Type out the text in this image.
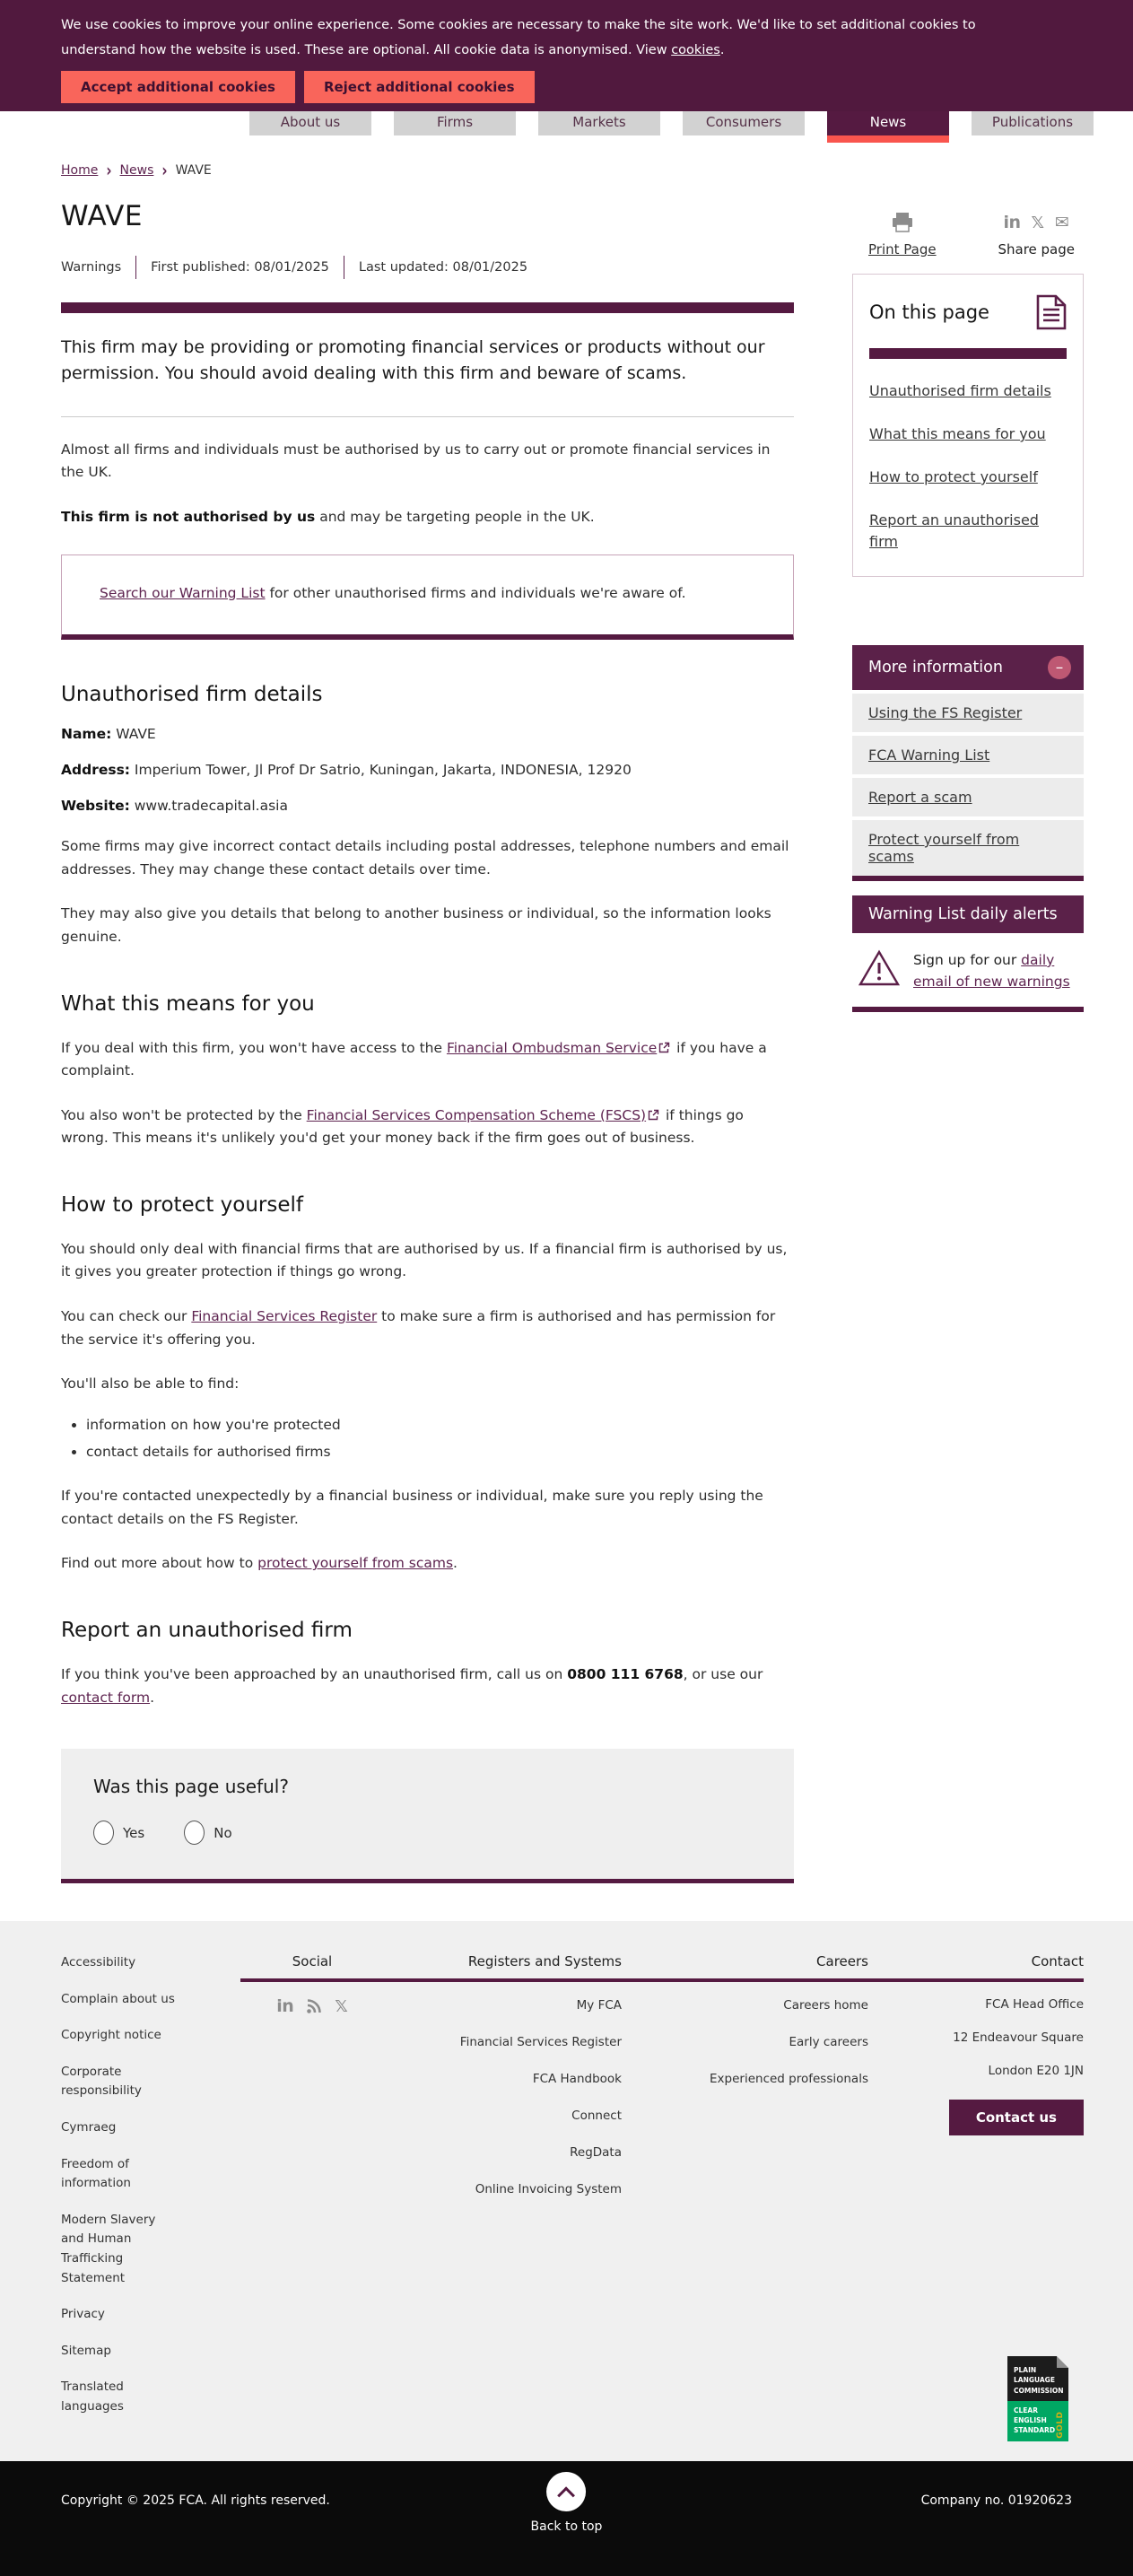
About us	Firms	Markets	Consumers	News	Publications
We use cookies to improve your online experience. Some cookies are necessary to make the site work. We'd like to set additional cookies to understand how the website is used. These are optional. All cookie data is anonymised. View cookies.
Accept additional cookies	Reject additional cookies
Home › News › WAVE
WAVE
Warnings First published: 08/01/2025 Last updated: 08/01/2025

This firm may be providing or promoting financial services or products without our permission. You should avoid dealing with this firm and beware of scams.

Almost all firms and individuals must be authorised by us to carry out or promote financial services in the UK.

This firm is not authorised by us and may be targeting people in the UK.

Search our Warning List for other unauthorised firms and individuals we're aware of.
Unauthorised firm details
Name: WAVE
Address: Imperium Tower, Jl Prof Dr Satrio, Kuningan, Jakarta, INDONESIA, 12920
Website: www.tradecapital.asia

Some firms may give incorrect contact details including postal addresses, telephone numbers and email addresses. They may change these contact details over time.

They may also give you details that belong to another business or individual, so the information looks genuine.

What this means for you

If you deal with this firm, you won't have access to the Financial Ombudsman Service
if you have a complaint.

You also won't be protected by the Financial Services Compensation Scheme (FSCS)
if things go wrong. This means it's unlikely you'd get your money back if the firm goes out of business.

How to protect yourself

You should only deal with financial firms that are authorised by us. If a financial firm is authorised by us, it gives you greater protection if things go wrong.

You can check our Financial Services Register to make sure a firm is authorised and has permission for the service it's offering you.

You'll also be able to find:

• information on how you're protected
• contact details for authorised firms

If you're contacted unexpectedly by a financial business or individual, make sure you reply using the contact details on the FS Register.

Find out more about how to protect yourself from scams.

Report an unauthorised firm

If you think you've been approached by an unauthorised firm, call us on 0800 111 6768, or use our contact form.

Was this page useful?
Yes	No
Print Page
in 𝕏 ✉
Share page
On this page
Unauthorised firm details
What this means for you
How to protect yourself
Report an unauthorised firm
More information	–
Using the FS Register
FCA Warning List
Report a scam
Protect yourself from scams
Warning List daily alerts
Sign up for our daily email of new warnings
Accessibility
Complain about us
Copyright notice
Corporate responsibility
Cymraeg
Freedom of information
Modern Slavery and Human Trafficking Statement
Privacy
Sitemap
Translated languages
Social
in	𝕏
Registers and Systems
My FCA
Financial Services Register
FCA Handbook
Connect
RegData
Online Invoicing System
Careers
Careers home
Early careers
Experienced professionals
Contact
FCA Head Office
12 Endeavour Square
London E20 1JN
Contact us
PLAIN LANGUAGE COMMISSION
CLEAR ENGLISH STANDARD GOLD
Copyright © 2025 FCA. All rights reserved.
Back to top
Company no. 01920623
